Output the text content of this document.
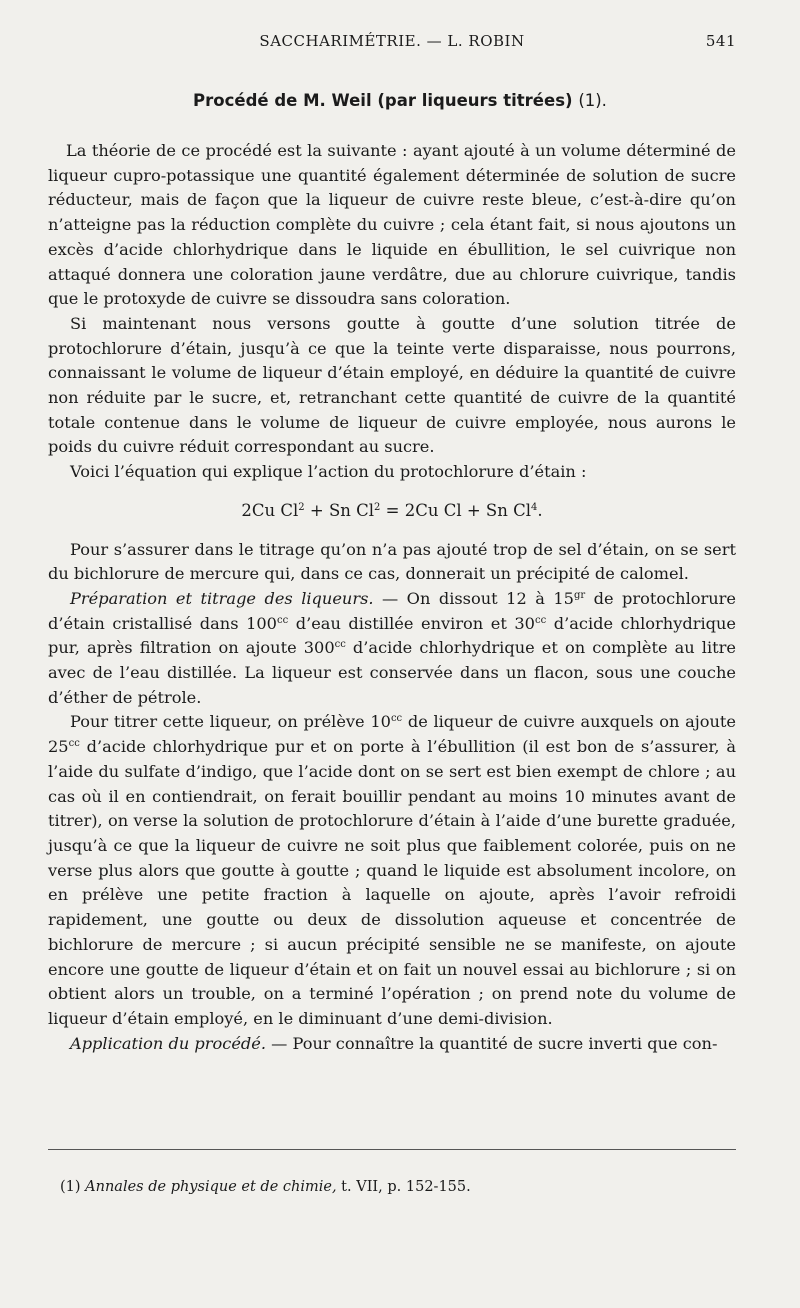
SACCHARIMÉTRIE. — L. ROBIN	541
Procédé de M. Weil (par liqueurs titrées) (1).

La théorie de ce procédé est la suivante : ayant ajouté à un volume déterminé de liqueur cupro-potassique une quantité également déterminée de solution de sucre réducteur, mais de façon que la liqueur de cuivre reste bleue, c’est-à-dire qu’on n’atteigne pas la réduction complète du cuivre ; cela étant fait, si nous ajoutons un excès d’acide chlorhydrique dans le liquide en ébullition, le sel cuivrique non attaqué donnera une coloration jaune verdâtre, due au chlorure cuivrique, tandis que le protoxyde de cuivre se dissoudra sans coloration.

Si maintenant nous versons goutte à goutte d’une solution titrée de protochlorure d’étain, jusqu’à ce que la teinte verte disparaisse, nous pourrons, connaissant le volume de liqueur d’étain employé, en déduire la quantité de cuivre non réduite par le sucre, et, retranchant cette quantité de cuivre de la quantité totale contenue dans le volume de liqueur de cuivre employée, nous aurons le poids du cuivre réduit correspondant au sucre.

Voici l’équation qui explique l’action du protochlorure d’étain :

2Cu $Cl^2 + Sn$ $Cl^2 = 2Cu$ Cl + Sn Cl$^4$.

Pour s’assurer dans le titrage qu’on n’a pas ajouté trop de sel d’étain, on se sert du bichlorure de mercure qui, dans ce cas, donnerait un précipité de calomel.

Préparation et titrage des liqueurs. — On dissout 12 à $15^{gr}$ de protochlorure d’étain cristallisé dans $100^{cc}$ d’eau distillée environ et $30^{cc}$ d’acide chlorhydrique pur, après filtration on ajoute $300^{cc}$ d’acide chlorhydrique et on complète au litre avec de l’eau distillée. La liqueur est conservée dans un flacon, sous une couche d’éther de pétrole.

Pour titrer cette liqueur, on prélève $10^{cc}$ de liqueur de cuivre auxquels on ajoute $25^{cc}$ d’acide chlorhydrique pur et on porte à l’ébullition (il est bon de s’assurer, à l’aide du sulfate d’indigo, que l’acide dont on se sert est bien exempt de chlore ; au cas où il en contiendrait, on ferait bouillir pendant au moins 10 minutes avant de titrer), on verse la solution de protochlorure d’étain à l’aide d’une burette graduée, jusqu’à ce que la liqueur de cuivre ne soit plus que faiblement colorée, puis on ne verse plus alors que goutte à goutte ; quand le liquide est absolument incolore, on en prélève une petite fraction à laquelle on ajoute, après l’avoir refroidi rapidement, une goutte ou deux de dissolution aqueuse et concentrée de bichlorure de mercure ; si aucun précipité sensible ne se manifeste, on ajoute encore une goutte de liqueur d’étain et on fait un nouvel essai au bichlorure ; si on obtient alors un trouble, on a terminé l’opération ; on prend note du volume de liqueur d’étain employé, en le diminuant d’une demi-division.

Application du procédé. — Pour connaître la quantité de sucre inverti que con-

(1) Annales de physique et de chimie, t. VII, p. 152-155.
